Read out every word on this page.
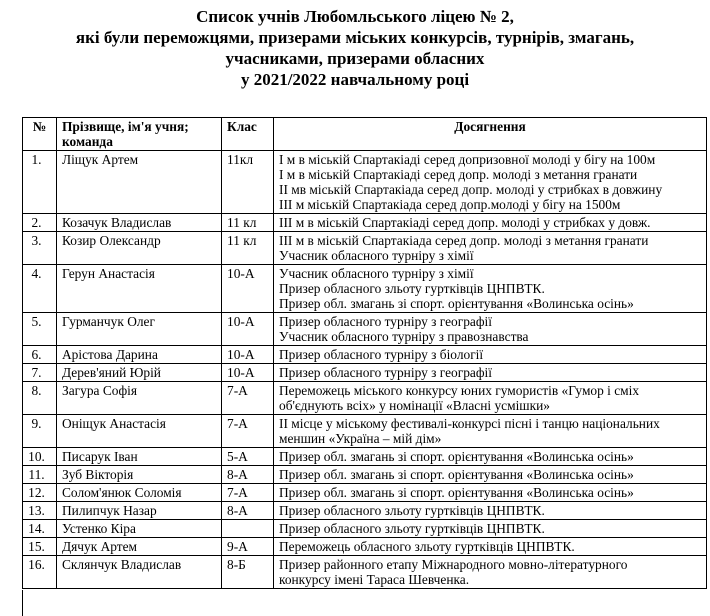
Список учнів Любомльського ліцею № 2,
які були переможцями, призерами міських конкурсів, турнірів, змагань,
учасниками, призерами обласних
у 2021/2022 навчальному році
№	Прізвище, ім'я учня; команда	Клас	Досягнення
1.	Ліщук Артем	11кл	І м в міській Спартакіаді серед допризовної молоді у бігу на 100м
І м в міській Спартакіаді серед допр. молоді з метання гранати
ІІ мв міській Спартакіада серед допр. молоді у стрибках в довжину
ІІІ м міській Спартакіада серед допр.молоді у бігу на 1500м

2.	Козачук Владислав	11 кл	ІІІ м в міській Спартакіаді серед допр. молоді у стрибках у довж.

3.	Козир Олександр	11 кл	ІІІ м в міській Спартакіада серед допр. молоді з метання гранати
Учасник обласного турніру з хімії

4.	Герун Анастасія	10-А	Учасник обласного турніру з хімії
Призер обласного зльоту гуртківців ЦНПВТК.
Призер обл. змагань зі спорт. орієнтування «Волинська осінь»

5.	Гурманчук Олег	10-А	Призер обласного турніру з географії
Учасник обласного турніру з правознавства

6.	Арістова Дарина	10-А	Призер обласного турніру з біології

7.	Дерев'яний Юрій	10-А	Призер обласного турніру з географії

8.	Загура Софія	7-А	Переможець міського конкурсу юних гумористів «Гумор і сміх
об'єднують всіх» у номінації «Власні усмішки»

9.	Оніщук Анастасія	7-А	ІІ місце у міському фестивалі-конкурсі пісні і танцю національних
меншин «Україна – мій дім»

10.	Писарук Іван	5-А	Призер обл. змагань зі спорт. орієнтування «Волинська осінь»

11.	Зуб Вікторія	8-А	Призер обл. змагань зі спорт. орієнтування «Волинська осінь»

12.	Солом'янюк Соломія	7-А	Призер обл. змагань зі спорт. орієнтування «Волинська осінь»

13.	Пилипчук Назар	8-А	Призер обласного зльоту гуртківців ЦНПВТК.

14.	Устенко Кіра		Призер обласного зльоту гуртківців ЦНПВТК.

15.	Дячук Артем	9-А	Переможець обласного зльоту гуртківців ЦНПВТК.

16.	Склянчук Владислав	8-Б	Призер районного етапу Міжнародного мовно-літературного
конкурсу імені Тараса Шевченка.
